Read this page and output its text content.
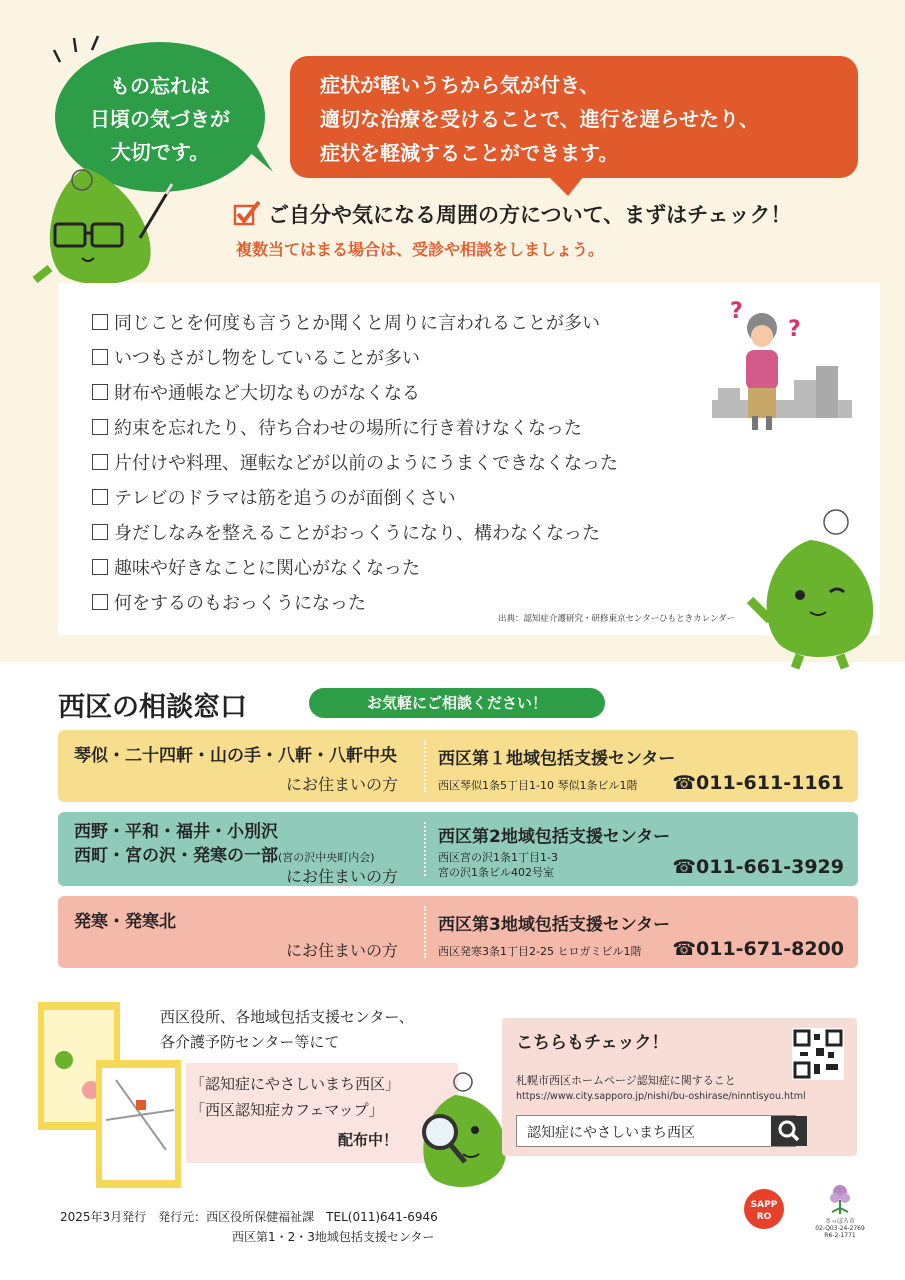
もの忘れは
日頃の気づきが
大切です。
症状が軽いうちから気が付き、
適切な治療を受けることで、進行を遅らせたり、
症状を軽減することができます。
ご自分や気になる周囲の方について、まずはチェック！
複数当てはまる場合は、受診や相談をしましょう。
同じことを何度も言うとか聞くと周りに言われることが多い
いつもさがし物をしていることが多い
財布や通帳など大切なものがなくなる
約束を忘れたり、待ち合わせの場所に行き着けなくなった
片付けや料理、運転などが以前のようにうまくできなくなった
テレビのドラマは筋を追うのが面倒くさい
身だしなみを整えることがおっくうになり、構わなくなった
趣味や好きなことに関心がなくなった
何をするのもおっくうになった
出典：認知症介護研究・研修東京センターひもときカレンダー
?
?
西区の相談窓口	お気軽にご相談ください！
琴似・二十四軒・山の手・八軒・八軒中央
にお住まいの方
西区第１地域包括支援センター
西区琴似1条5丁目1-10 琴似1条ビル1階 ☎011-611-1161
西野・平和・福井・小別沢
西町・宮の沢・発寒の一部(宮の沢中央町内会)
にお住まいの方
西区第2地域包括支援センター
西区宮の沢1条1丁目1-3
宮の沢1条ビル402号室	☎011-661-3929
発寒・発寒北
にお住まいの方
西区第3地域包括支援センター
西区発寒3条1丁目2-25 ヒロガミビル1階 ☎011-671-8200
西区役所、各地域包括支援センター、
各介護予防センター等にて
「認知症にやさしいまち西区」
「西区認知症カフェマップ」
配布中！
こちらもチェック！
札幌市西区ホームページ認知症に関すること
https://www.city.sapporo.jp/nishi/bu-oshirase/ninntisyou.html
認知症にやさしいまち西区
2025年3月発行　発行元：西区役所保健福祉課　TEL(011)641-6946
西区第1・2・3地域包括支援センター
SAPP
RO	さっぽろ市
02-Q03-24-2769
R6-2-1771
